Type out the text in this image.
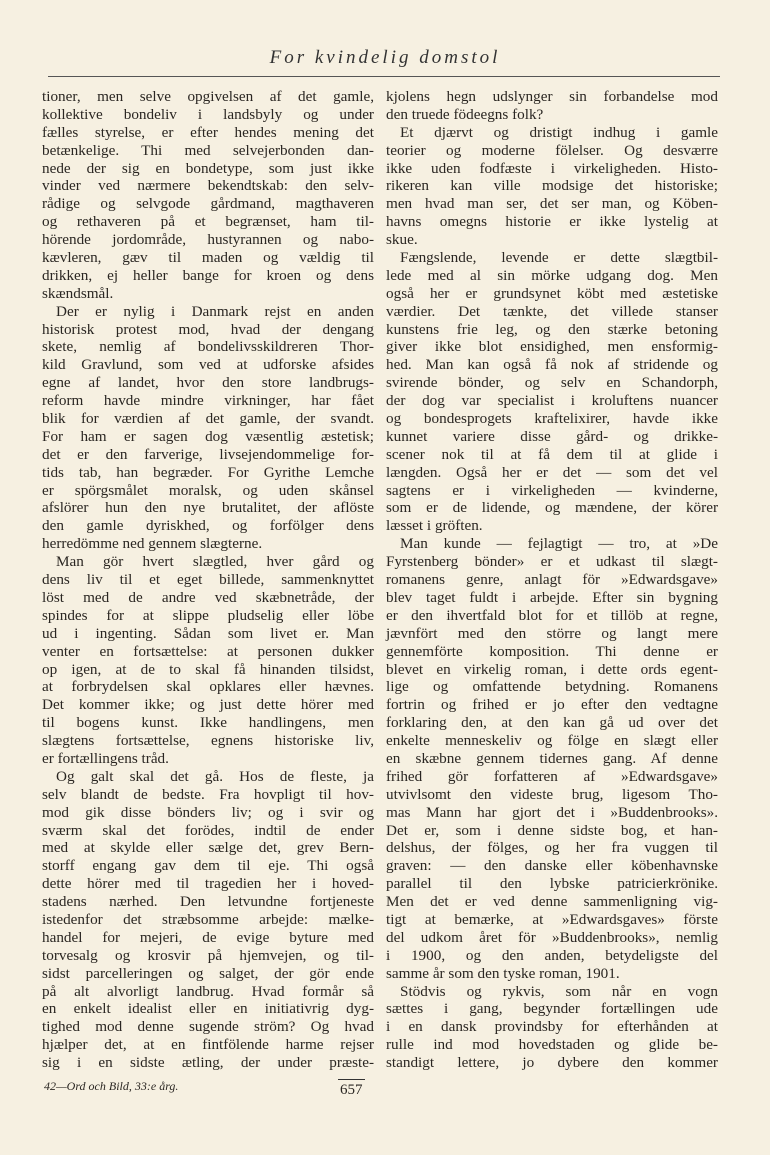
For kvindelig domstol
tioner, men selve opgivelsen af det gamle,
kollektive bondeliv i landsbyly og under
fælles styrelse, er efter hendes mening det
betænkelige. Thi med selvejerbonden dan-
nede der sig en bondetype, som just ikke
vinder ved nærmere bekendtskab: den selv-
rådige og selvgode gårdmand, magthaveren
og rethaveren på et begrænset, ham til-
hörende jordområde, hustyrannen og nabo-
kævleren, gæv til maden og vældig til
drikken, ej heller bange for kroen og dens
skændsmål.
Der er nylig i Danmark rejst en anden
historisk protest mod, hvad der dengang
skete, nemlig af bondelivsskildreren Thor-
kild Gravlund, som ved at udforske afsides
egne af landet, hvor den store landbrugs-
reform havde mindre virkninger, har fået
blik for værdien af det gamle, der svandt.
For ham er sagen dog væsentlig æstetisk;
det er den farverige, livsejendommelige for-
tids tab, han begræder. For Gyrithe Lemche
er spörgsmålet moralsk, og uden skånsel
afslörer hun den nye brutalitet, der aflöste
den gamle dyriskhed, og forfölger dens
herredömme ned gennem slægterne.
Man gör hvert slægtled, hver gård og
dens liv til et eget billede, sammenknyttet
löst med de andre ved skæbnetråde, der
spindes for at slippe pludselig eller löbe
ud i ingenting. Sådan som livet er. Man
venter en fortsættelse: at personen dukker
op igen, at de to skal få hinanden tilsidst,
at forbrydelsen skal opklares eller hævnes.
Det kommer ikke; og just dette hörer med
til bogens kunst. Ikke handlingens, men
slægtens fortsættelse, egnens historiske liv,
er fortællingens tråd.
Og galt skal det gå. Hos de fleste, ja
selv blandt de bedste. Fra hovpligt til hov-
mod gik disse bönders liv; og i svir og
sværm skal det forödes, indtil de ender
med at skylde eller sælge det, grev Bern-
storff engang gav dem til eje. Thi også
dette hörer med til tragedien her i hoved-
stadens nærhed. Den letvundne fortjeneste
istedenfor det stræbsomme arbejde: mælke-
handel for mejeri, de evige byture med
torvesalg og krosvir på hjemvejen, og til-
sidst parcelleringen og salget, der gör ende
på alt alvorligt landbrug. Hvad formår så
en enkelt idealist eller en initiativrig dyg-
tighed mod denne sugende ström? Og hvad
hjælper det, at en fintfölende harme rejser
sig i en sidste ætling, der under præste-
kjolens hegn udslynger sin forbandelse mod
den truede födeegns folk?
Et djærvt og dristigt indhug i gamle
teorier og moderne fölelser. Og desværre
ikke uden fodfæste i virkeligheden. Histo-
rikeren kan ville modsige det historiske;
men hvad man ser, det ser man, og Köben-
havns omegns historie er ikke lystelig at
skue.
Fængslende, levende er dette slægtbil-
lede med al sin mörke udgang dog. Men
også her er grundsynet köbt med æstetiske
værdier. Det tænkte, det villede stanser
kunstens frie leg, og den stærke betoning
giver ikke blot ensidighed, men ensformig-
hed. Man kan også få nok af stridende og
svirende bönder, og selv en Schandorph,
der dog var specialist i kroluftens nuancer
og bondesprogets kraftelixirer, havde ikke
kunnet variere disse gård- og drikke-
scener nok til at få dem til at glide i
længden. Også her er det — som det vel
sagtens er i virkeligheden — kvinderne,
som er de lidende, og mændene, der körer
læsset i gröften.
Man kunde — fejlagtigt — tro, at »De
Fyrstenberg bönder» er et udkast til slægt-
romanens genre, anlagt för »Edwardsgave»
blev taget fuldt i arbejde. Efter sin bygning
er den ihvertfald blot for et tillöb at regne,
jævnfört med den större og langt mere
gennemförte komposition. Thi denne er
blevet en virkelig roman, i dette ords egent-
lige og omfattende betydning. Romanens
fortrin og frihed er jo efter den vedtagne
forklaring den, at den kan gå ud over det
enkelte menneskeliv og fölge en slægt eller
en skæbne gennem tidernes gang. Af denne
frihed gör forfatteren af »Edwardsgave»
utvivlsomt den videste brug, ligesom Tho-
mas Mann har gjort det i »Buddenbrooks».
Det er, som i denne sidste bog, et han-
delshus, der fölges, og her fra vuggen til
graven: — den danske eller köbenhavnske
parallel til den lybske patricierkrönike.
Men det er ved denne sammenligning vig-
tigt at bemærke, at »Edwardsgaves» förste
del udkom året för »Buddenbrooks», nemlig
i 1900, og den anden, betydeligste del
samme år som den tyske roman, 1901.
Stödvis og rykvis, som når en vogn
sættes i gang, begynder fortællingen ude
i en dansk provindsby for efterhånden at
rulle ind mod hovedstaden og glide be-
standigt lettere, jo dybere den kommer
42—Ord och Bild, 33:e årg.	657
